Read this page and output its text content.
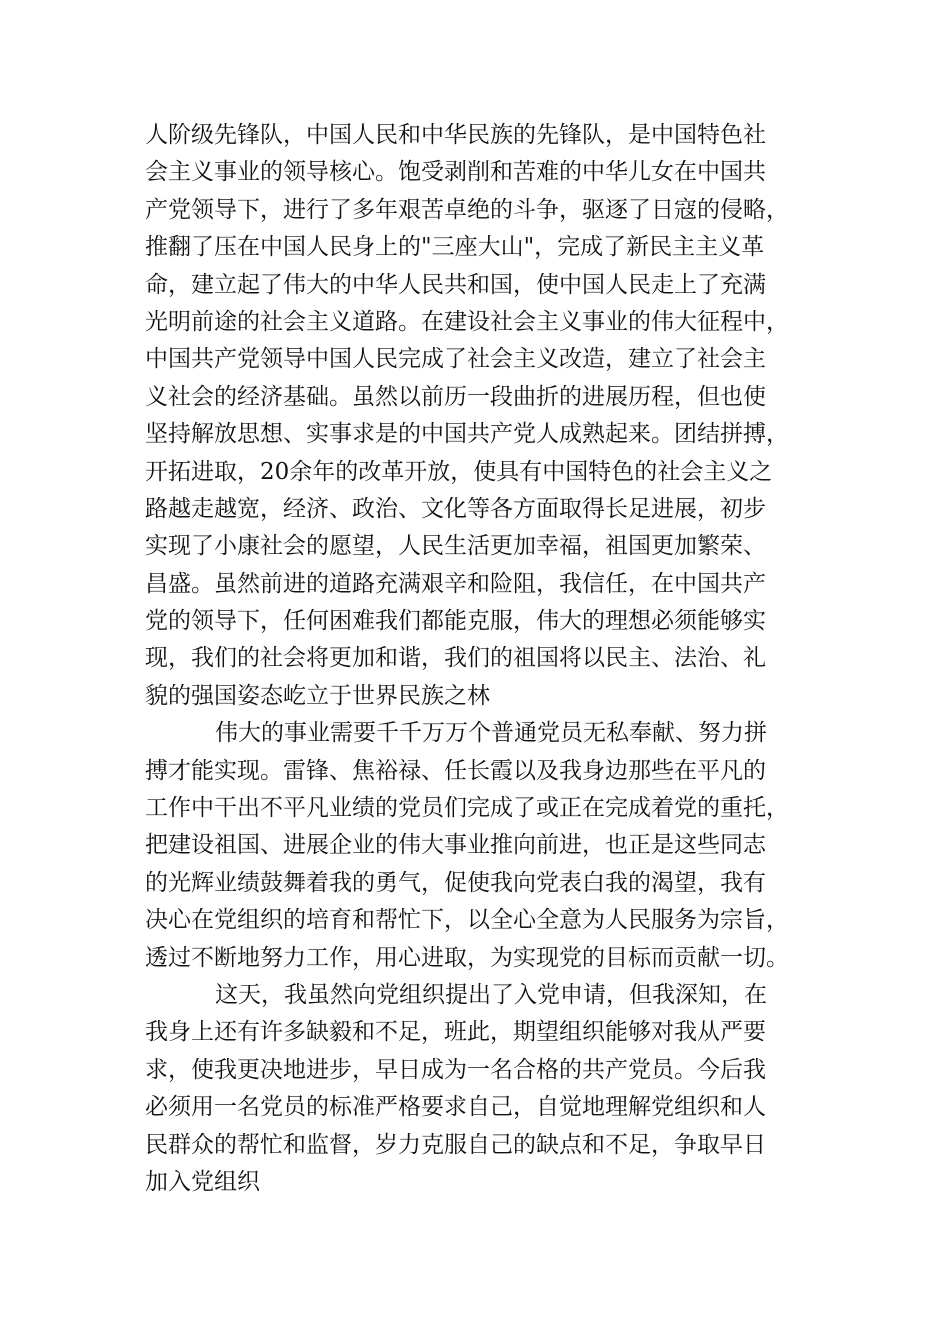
人阶级先锋队，中国人民和中华民族的先锋队，是中国特色社
会主义事业的领导核心。饱受剥削和苦难的中华儿女在中国共
产党领导下，进行了多年艰苦卓绝的斗争，驱逐了日寇的侵略，
推翻了压在中国人民身上的"三座大山"，完成了新民主主义革
命，建立起了伟大的中华人民共和国，使中国人民走上了充满
光明前途的社会主义道路。在建设社会主义事业的伟大征程中，
中国共产党领导中国人民完成了社会主义改造，建立了社会主
义社会的经济基础。虽然以前历一段曲折的进展历程，但也使
坚持解放思想、实事求是的中国共产党人成熟起来。团结拼搏，
开拓进取，20余年的改革开放，使具有中国特色的社会主义之
路越走越宽，经济、政治、文化等各方面取得长足进展，初步
实现了小康社会的愿望，人民生活更加幸福，祖国更加繁荣、
昌盛。虽然前进的道路充满艰辛和险阻，我信任，在中国共产
党的领导下，任何困难我们都能克服，伟大的理想必须能够实
现，我们的社会将更加和谐，我们的祖国将以民主、法治、礼
貌的强国姿态屹立于世界民族之林
伟大的事业需要千千万万个普通党员无私奉献、努力拼
搏才能实现。雷锋、焦裕禄、任长霞以及我身边那些在平凡的
工作中干出不平凡业绩的党员们完成了或正在完成着党的重托，
把建设祖国、进展企业的伟大事业推向前进，也正是这些同志
的光辉业绩鼓舞着我的勇气，促使我向党表白我的渴望，我有
决心在党组织的培育和帮忙下，以全心全意为人民服务为宗旨，
透过不断地努力工作，用心进取，为实现党的目标而贡献一切。
这天，我虽然向党组织提出了入党申请，但我深知，在
我身上还有许多缺毅和不足，班此，期望组织能够对我从严要
求，使我更决地进步，早日成为一名合格的共产党员。今后我
必须用一名党员的标准严格要求自己，自觉地理解党组织和人
民群众的帮忙和监督，岁力克服自己的缺点和不足，争取早日
加入党组织
